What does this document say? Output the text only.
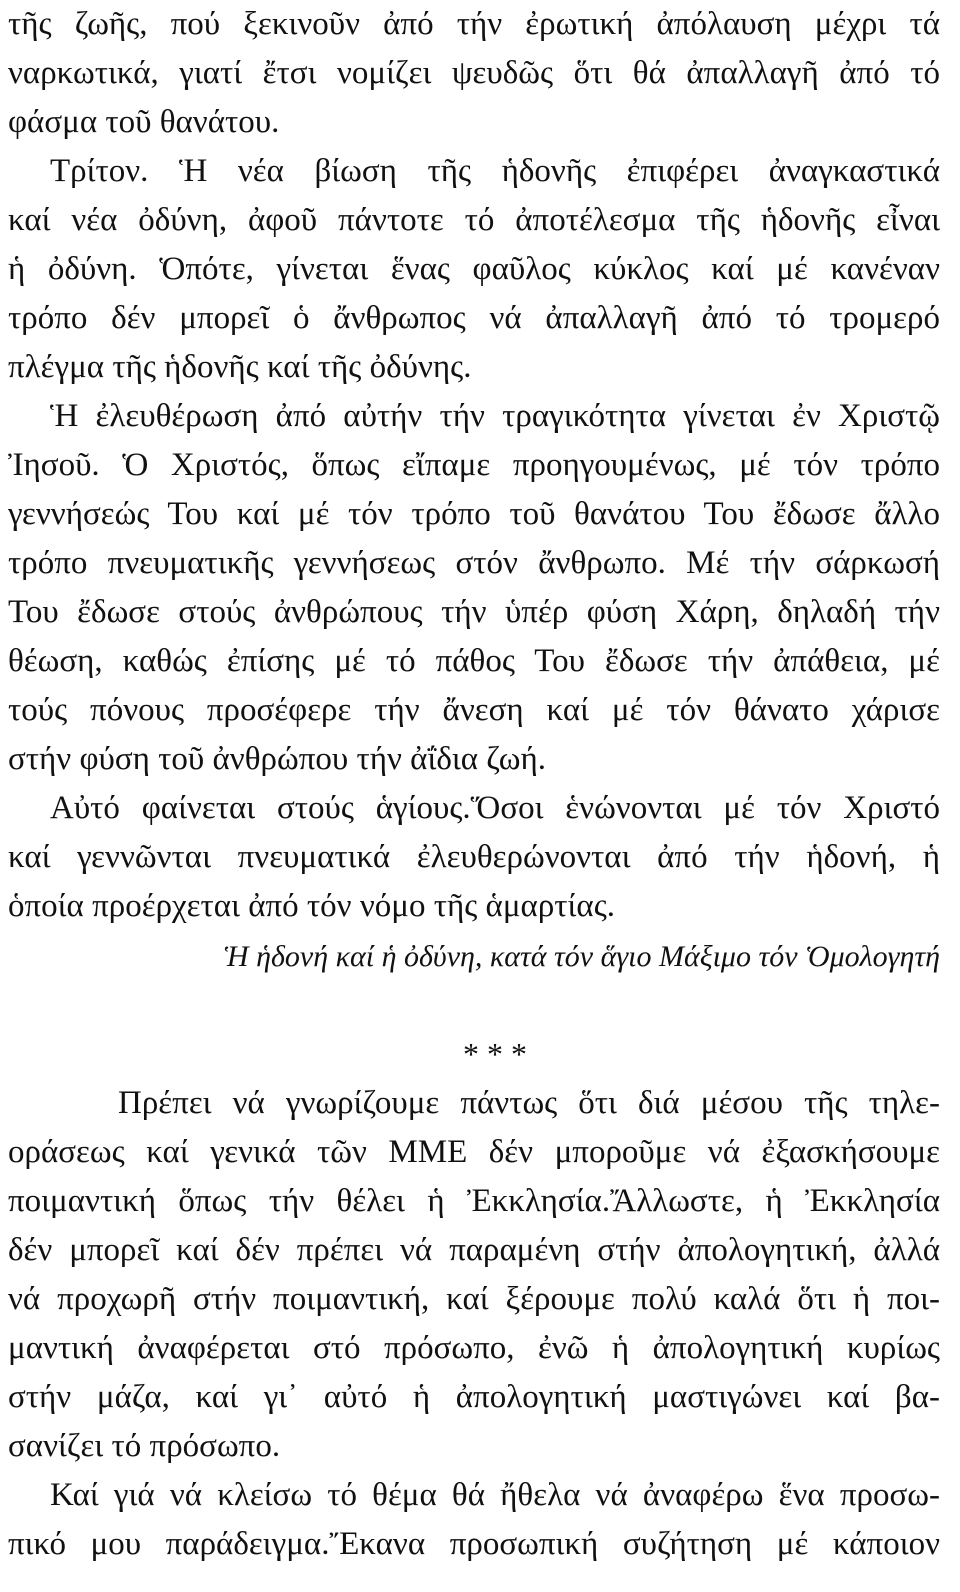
τῆς ζωῆς, πού ξεκινοῦν ἀπό τήν ἐρωτική ἀπόλαυση μέχρι τά
ναρκωτικά, γιατί ἔτσι νομίζει ψευδῶς ὅτι θά ἀπαλλαγῆ ἀπό τό
φάσμα τοῦ θανάτου.
Τρίτον. Ἡ νέα βίωση τῆς ἡδονῆς ἐπιφέρει ἀναγκαστικά
καί νέα ὀδύνη, ἀφοῦ πάντοτε τό ἀποτέλεσμα τῆς ἡδονῆς εἶναι
ἡ ὀδύνη. Ὁπότε, γίνεται ἕνας φαῦλος κύκλος καί μέ κανέναν
τρόπο δέν μπορεῖ ὁ ἄνθρωπος νά ἀπαλλαγῆ ἀπό τό τρομερό
πλέγμα τῆς ἡδονῆς καί τῆς ὀδύνης.
Ἡ ἐλευθέρωση ἀπό αὐτήν τήν τραγικότητα γίνεται ἐν Χριστῷ
Ἰησοῦ. Ὁ Χριστός, ὅπως εἴπαμε προηγουμένως, μέ τόν τρόπο
γεννήσεώς Του καί μέ τόν τρόπο τοῦ θανάτου Του ἔδωσε ἄλλο
τρόπο πνευματικῆς γεννήσεως στόν ἄνθρωπο. Μέ τήν σάρκωσή
Του ἔδωσε στούς ἀνθρώπους τήν ὑπέρ φύση Χάρη, δηλαδή τήν
θέωση, καθώς ἐπίσης μέ τό πάθος Του ἔδωσε τήν ἀπάθεια, μέ
τούς πόνους προσέφερε τήν ἄνεση καί μέ τόν θάνατο χάρισε
στήν φύση τοῦ ἀνθρώπου τήν ἀΐδια ζωή.
Αὐτό φαίνεται στούς ἁγίους.Ὅσοι ἑνώνονται μέ τόν Χριστό
καί γεννῶνται πνευματικά ἐλευθερώνονται ἀπό τήν ἡδονή, ἡ
ὁποία προέρχεται ἀπό τόν νόμο τῆς ἁμαρτίας.
Ἡ ἡδονή καί ἡ ὀδύνη, κατά τόν ἅγιο Μάξιμο τόν Ὁμολογητή
* * *
Πρέπει νά γνωρίζουμε πάντως ὅτι διά μέσου τῆς τηλε-
οράσεως καί γενικά τῶν ΜΜΕ δέν μποροῦμε νά ἐξασκήσουμε
ποιμαντική ὅπως τήν θέλει ἡ Ἐκκλησία.Ἄλλωστε, ἡ Ἐκκλησία
δέν μπορεῖ καί δέν πρέπει νά παραμένη στήν ἀπολογητική, ἀλλά
νά προχωρῆ στήν ποιμαντική, καί ξέρουμε πολύ καλά ὅτι ἡ ποι-
μαντική ἀναφέρεται στό πρόσωπο, ἐνῶ ἡ ἀπολογητική κυρίως
στήν μάζα, καί γι᾽ αὐτό ἡ ἀπολογητική μαστιγώνει καί βα-
σανίζει τό πρόσωπο.
Καί γιά νά κλείσω τό θέμα θά ἤθελα νά ἀναφέρω ἕνα προσω-
πικό μου παράδειγμα.Ἔκανα προσωπική συζήτηση μέ κάποιον
